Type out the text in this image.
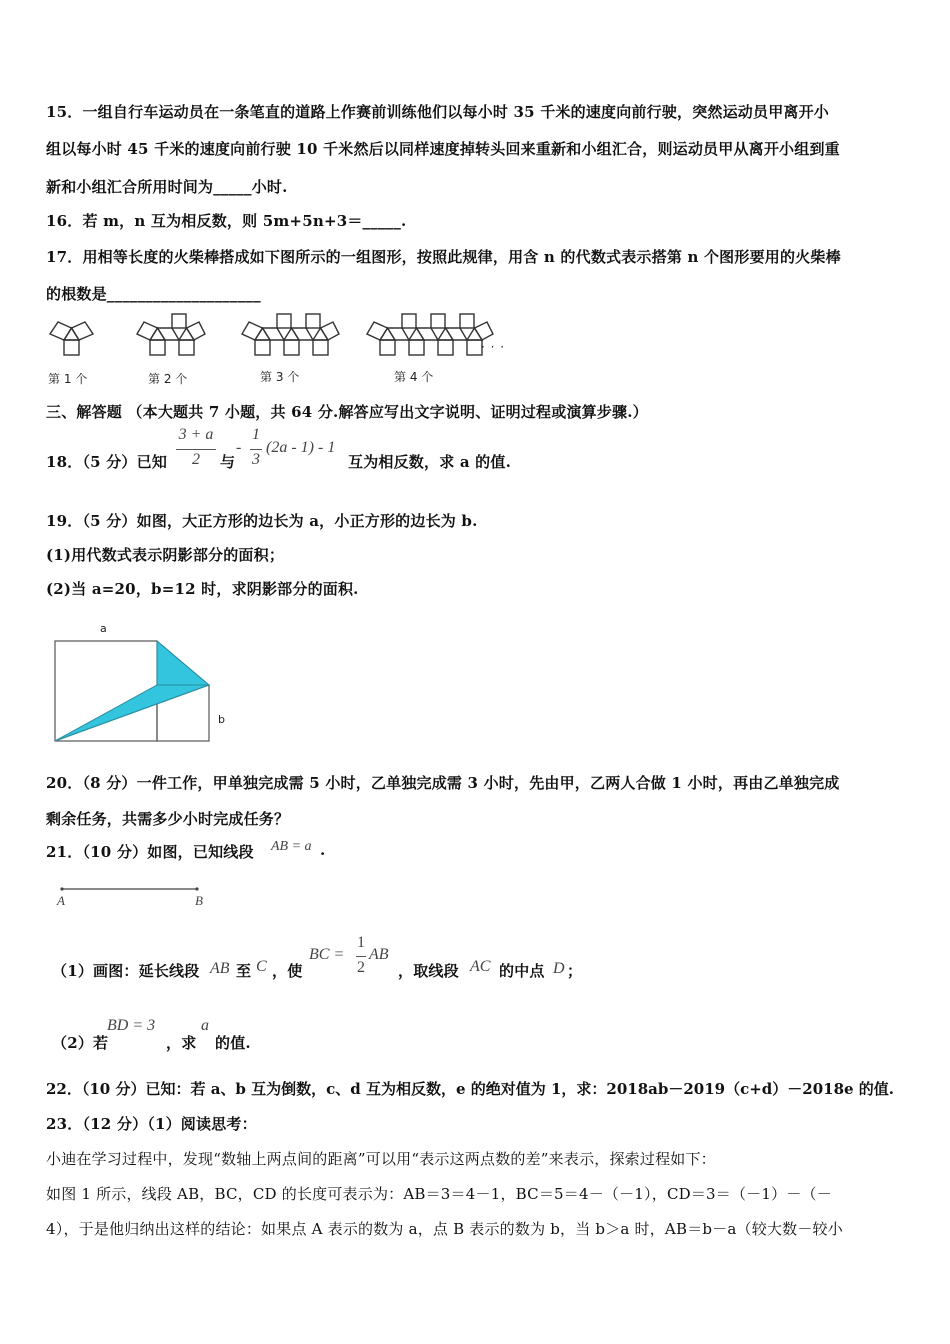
15．一组自行车运动员在一条笔直的道路上作赛前训练他们以每小时 35 千米的速度向前行驶，突然运动员甲离开小
组以每小时 45 千米的速度向前行驶 10 千米然后以同样速度掉转头回来重新和小组汇合，则运动员甲从离开小组到重
新和小组汇合所用时间为_____小时.
16．若 m，n 互为相反数，则 5m+5n+3＝_____.
17．用相等长度的火柴棒搭成如下图所示的一组图形，按照此规律，用含 n 的代数式表示搭第 n 个图形要用的火柴棒
的根数是____________________
第 1 个	第 2 个	第 3 个	第 4 个
· · ·
三、解答题 （本大题共 7 小题，共 64 分.解答应写出文字说明、证明过程或演算步骤.）
18．（5 分）已知
3 + a
2	与
-
1
3
(2a - 1) - 1
互为相反数，求 a 的值.
19．（5 分）如图，大正方形的边长为 a，小正方形的边长为 b.
(1)用代数式表示阴影部分的面积；
(2)当 a=20，b=12 时，求阴影部分的面积.
a
b
20．（8 分）一件工作，甲单独完成需 5 小时，乙单独完成需 3 小时，先由甲，乙两人合做 1 小时，再由乙单独完成
剩余任务，共需多少小时完成任务？
21．（10 分）如图，已知线段 AB = a .
A	B
（1）画图：延长线段 AB 至 C ，使
BC =
1
2
AB
，取线段 AC 的中点 D ；
（2）若
BD = 3
，求
a
的值.
22．（10 分）已知：若 a、b 互为倒数，c、d 互为相反数，e 的绝对值为 1，求：2018ab－2019（c+d）－2018e 的值.
23．（12 分）（1）阅读思考：
小迪在学习过程中，发现“数轴上两点间的距离”可以用“表示这两点数的差”来表示，探索过程如下：
如图 1 所示，线段 AB，BC，CD 的长度可表示为：AB＝3＝4－1，BC＝5＝4－（－1），CD＝3＝（－1）－（－
4），于是他归纳出这样的结论：如果点 A 表示的数为 a，点 B 表示的数为 b，当 b＞a 时，AB＝b－a（较大数－较小
